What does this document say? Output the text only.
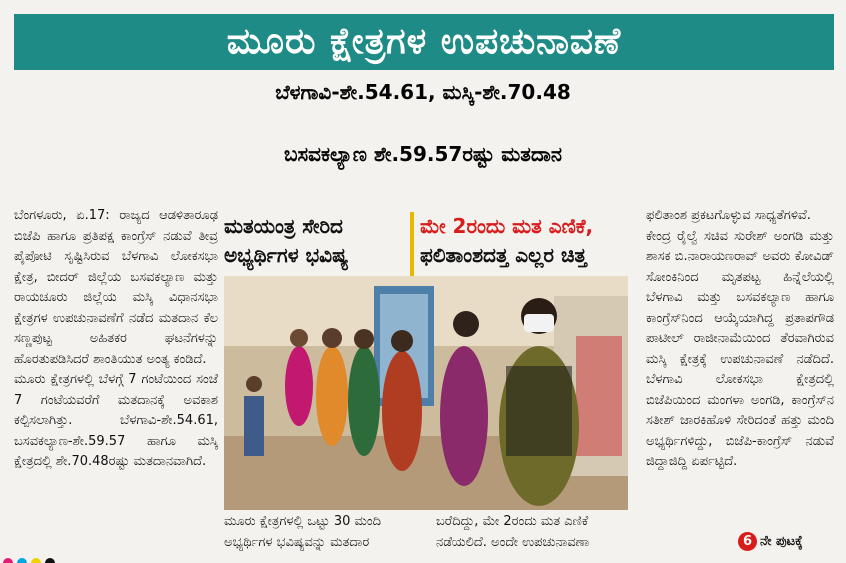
ಮೂರು ಕ್ಷೇತ್ರಗಳ ಉಪಚುನಾವಣೆ
ಬೆಳಗಾವಿ-ಶೇ.54.61, ಮಸ್ಕಿ-ಶೇ.70.48
ಬಸವಕಲ್ಯಾಣ ಶೇ.59.57ರಷ್ಟು ಮತದಾನ

ಬೆಂಗಳೂರು, ಏ.17: ರಾಜ್ಯದ ಆಡಳಿತಾರೂಢ ಬಿಜೆಪಿ ಹಾಗೂ ಪ್ರತಿಪಕ್ಷ ಕಾಂಗ್ರೆಸ್ ನಡುವೆ ತೀವ್ರ ಪೈಪೋಟಿ ಸೃಷ್ಟಿಸಿರುವ ಬೆಳಗಾವಿ ಲೋಕಸಭಾ ಕ್ಷೇತ್ರ, ಬೀದರ್ ಜಿಲ್ಲೆಯ ಬಸವಕಲ್ಯಾಣ ಮತ್ತು ರಾಯಚೂರು ಜಿಲ್ಲೆಯ ಮಸ್ಕಿ ವಿಧಾನಸಭಾ ಕ್ಷೇತ್ರಗಳ ಉಪಚುನಾವಣೆಗೆ ನಡೆದ ಮತದಾನ ಕೆಲ ಸಣ್ಣಪುಟ್ಟ ಅಹಿತಕರ ಘಟನೆಗಳನ್ನು ಹೊರತುಪಡಿಸಿದರೆ ಶಾಂತಿಯುತ ಅಂತ್ಯ ಕಂಡಿದೆ.

ಮೂರು ಕ್ಷೇತ್ರಗಳಲ್ಲಿ ಬೆಳಗ್ಗೆ 7 ಗಂಟೆಯಿಂದ ಸಂಜೆ 7 ಗಂಟೆಯವರೆಗೆ ಮತದಾನಕ್ಕೆ ಅವಕಾಶ ಕಲ್ಪಿಸಲಾಗಿತ್ತು. ಬೆಳಗಾವಿ-ಶೇ.54.61, ಬಸವಕಲ್ಯಾಣ-ಶೇ.59.57 ಹಾಗೂ ಮಸ್ಕಿ ಕ್ಷೇತ್ರದಲ್ಲಿ ಶೇ.70.48ರಷ್ಟು ಮತದಾನವಾಗಿದೆ.

ಮತಯಂತ್ರ ಸೇರಿದ
ಅಭ್ಯರ್ಥಿಗಳ ಭವಿಷ್ಯ
ಮೇ 2ರಂದು ಮತ ಎಣಿಕೆ,
ಫಲಿತಾಂಶದತ್ತ ಎಲ್ಲರ ಚಿತ್ತ
ಮೂರು ಕ್ಷೇತ್ರಗಳಲ್ಲಿ ಒಟ್ಟು 30 ಮಂದಿ ಅಭ್ಯರ್ಥಿಗಳ ಭವಿಷ್ಯವನ್ನು ಮತದಾರ
ಬರೆದಿದ್ದು, ಮೇ 2ರಂದು ಮತ ಎಣಿಕೆ ನಡೆಯಲಿದೆ. ಅಂದೇ ಉಪಚುನಾವಣಾ

ಫಲಿತಾಂಶ ಪ್ರಕಟಗೊಳ್ಳುವ ಸಾಧ್ಯತೆಗಳಿವೆ.

ಕೇಂದ್ರ ರೈಲ್ವೆ ಸಚಿವ ಸುರೇಶ್ ಅಂಗಡಿ ಮತ್ತು ಶಾಸಕ ಬಿ.ನಾರಾಯಣರಾವ್ ಅವರು ಕೋವಿಡ್ ಸೋಂಕಿನಿಂದ ಮೃತಪಟ್ಟ ಹಿನ್ನೆಲೆಯಲ್ಲಿ ಬೆಳಗಾವಿ ಮತ್ತು ಬಸವಕಲ್ಯಾಣ ಹಾಗೂ ಕಾಂಗ್ರೆಸ್‌ನಿಂದ ಆಯ್ಕೆಯಾಗಿದ್ದ ಪ್ರತಾಪಗೌಡ ಪಾಟೀಲ್ ರಾಜೀನಾಮೆಯಿಂದ ತೆರವಾಗಿರುವ ಮಸ್ಕಿ ಕ್ಷೇತ್ರಕ್ಕೆ ಉಪಚುನಾವಣೆ ನಡೆದಿದೆ. ಬೆಳಗಾವಿ ಲೋಕಸಭಾ ಕ್ಷೇತ್ರದಲ್ಲಿ ಬಿಜೆಪಿಯಿಂದ ಮಂಗಳಾ ಅಂಗಡಿ, ಕಾಂಗ್ರೆಸ್‌ನ ಸತೀಶ್ ಜಾರಕಿಹೊಳಿ ಸೇರಿದಂತೆ ಹತ್ತು ಮಂದಿ ಅಭ್ಯರ್ಥಿಗಳಿದ್ದು, ಬಿಜೆಪಿ-ಕಾಂಗ್ರೆಸ್ ನಡುವೆ ಜಿದ್ದಾಜಿದ್ದಿ ಏರ್ಪಟ್ಟಿದೆ.

6 ನೇ ಪುಟಕ್ಕೆ
